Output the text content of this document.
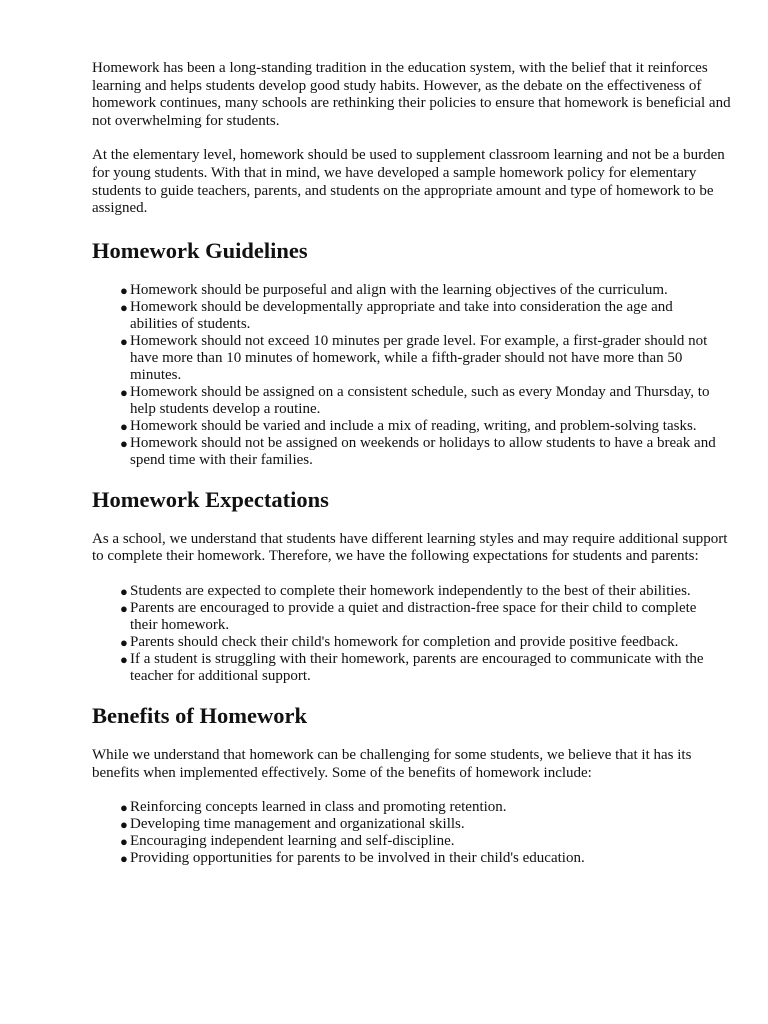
Homework has been a long-standing tradition in the education system, with the belief that it reinforces learning and helps students develop good study habits. However, as the debate on the effectiveness of homework continues, many schools are rethinking their policies to ensure that homework is beneficial and not overwhelming for students.

At the elementary level, homework should be used to supplement classroom learning and not be a burden for young students. With that in mind, we have developed a sample homework policy for elementary students to guide teachers, parents, and students on the appropriate amount and type of homework to be assigned.

Homework Guidelines
● Homework should be purposeful and align with the learning objectives of the curriculum.
● Homework should be developmentally appropriate and take into consideration the age and abilities of students.
● Homework should not exceed 10 minutes per grade level. For example, a first-grader should not have more than 10 minutes of homework, while a fifth-grader should not have more than 50 minutes.
● Homework should be assigned on a consistent schedule, such as every Monday and Thursday, to help students develop a routine.
● Homework should be varied and include a mix of reading, writing, and problem-solving tasks.
● Homework should not be assigned on weekends or holidays to allow students to have a break and spend time with their families.
Homework Expectations

As a school, we understand that students have different learning styles and may require additional support to complete their homework. Therefore, we have the following expectations for students and parents:

● Students are expected to complete their homework independently to the best of their abilities.
● Parents are encouraged to provide a quiet and distraction-free space for their child to complete their homework.
● Parents should check their child's homework for completion and provide positive feedback.
● If a student is struggling with their homework, parents are encouraged to communicate with the teacher for additional support.
Benefits of Homework

While we understand that homework can be challenging for some students, we believe that it has its benefits when implemented effectively. Some of the benefits of homework include:

● Reinforcing concepts learned in class and promoting retention.
● Developing time management and organizational skills.
● Encouraging independent learning and self-discipline.
● Providing opportunities for parents to be involved in their child's education.
